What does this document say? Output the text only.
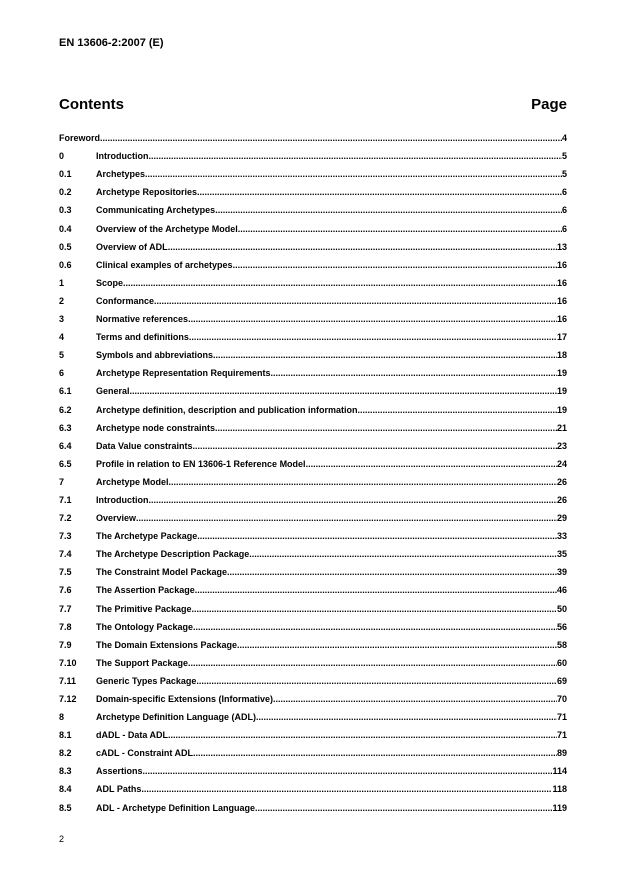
EN 13606-2:2007 (E)
Contents	Page
Foreword .....	4
0	Introduction .....	5
0.1	Archetypes .....	5
0.2	Archetype Repositories .....	6
0.3	Communicating Archetypes .....	6
0.4	Overview of the Archetype Model .....	6
0.5	Overview of ADL .....	13
0.6	Clinical examples of archetypes .....	16
1	Scope .....	16
2	Conformance .....	16
3	Normative references .....	16
4	Terms and definitions .....	17
5	Symbols and abbreviations .....	18
6	Archetype Representation Requirements .....	19
6.1	General .....	19
6.2	Archetype definition, description and publication information .....	19
6.3	Archetype node constraints .....	21
6.4	Data Value constraints .....	23
6.5	Profile in relation to EN 13606-1 Reference Model .....	24
7	Archetype Model .....	26
7.1	Introduction .....	26
7.2	Overview .....	29
7.3	The Archetype Package .....	33
7.4	The Archetype Description Package .....	35
7.5	The Constraint Model Package .....	39
7.6	The Assertion Package .....	46
7.7	The Primitive Package .....	50
7.8	The Ontology Package .....	56
7.9	The Domain Extensions Package .....	58
7.10	The Support Package .....	60
7.11	Generic Types Package .....	69
7.12	Domain-specific Extensions (Informative) .....	70
8	Archetype Definition Language (ADL) .....	71
8.1	dADL - Data ADL .....	71
8.2	cADL - Constraint ADL .....	89
8.3	Assertions .....	114
8.4	ADL Paths .....	118
8.5	ADL - Archetype Definition Language .....	119
2
